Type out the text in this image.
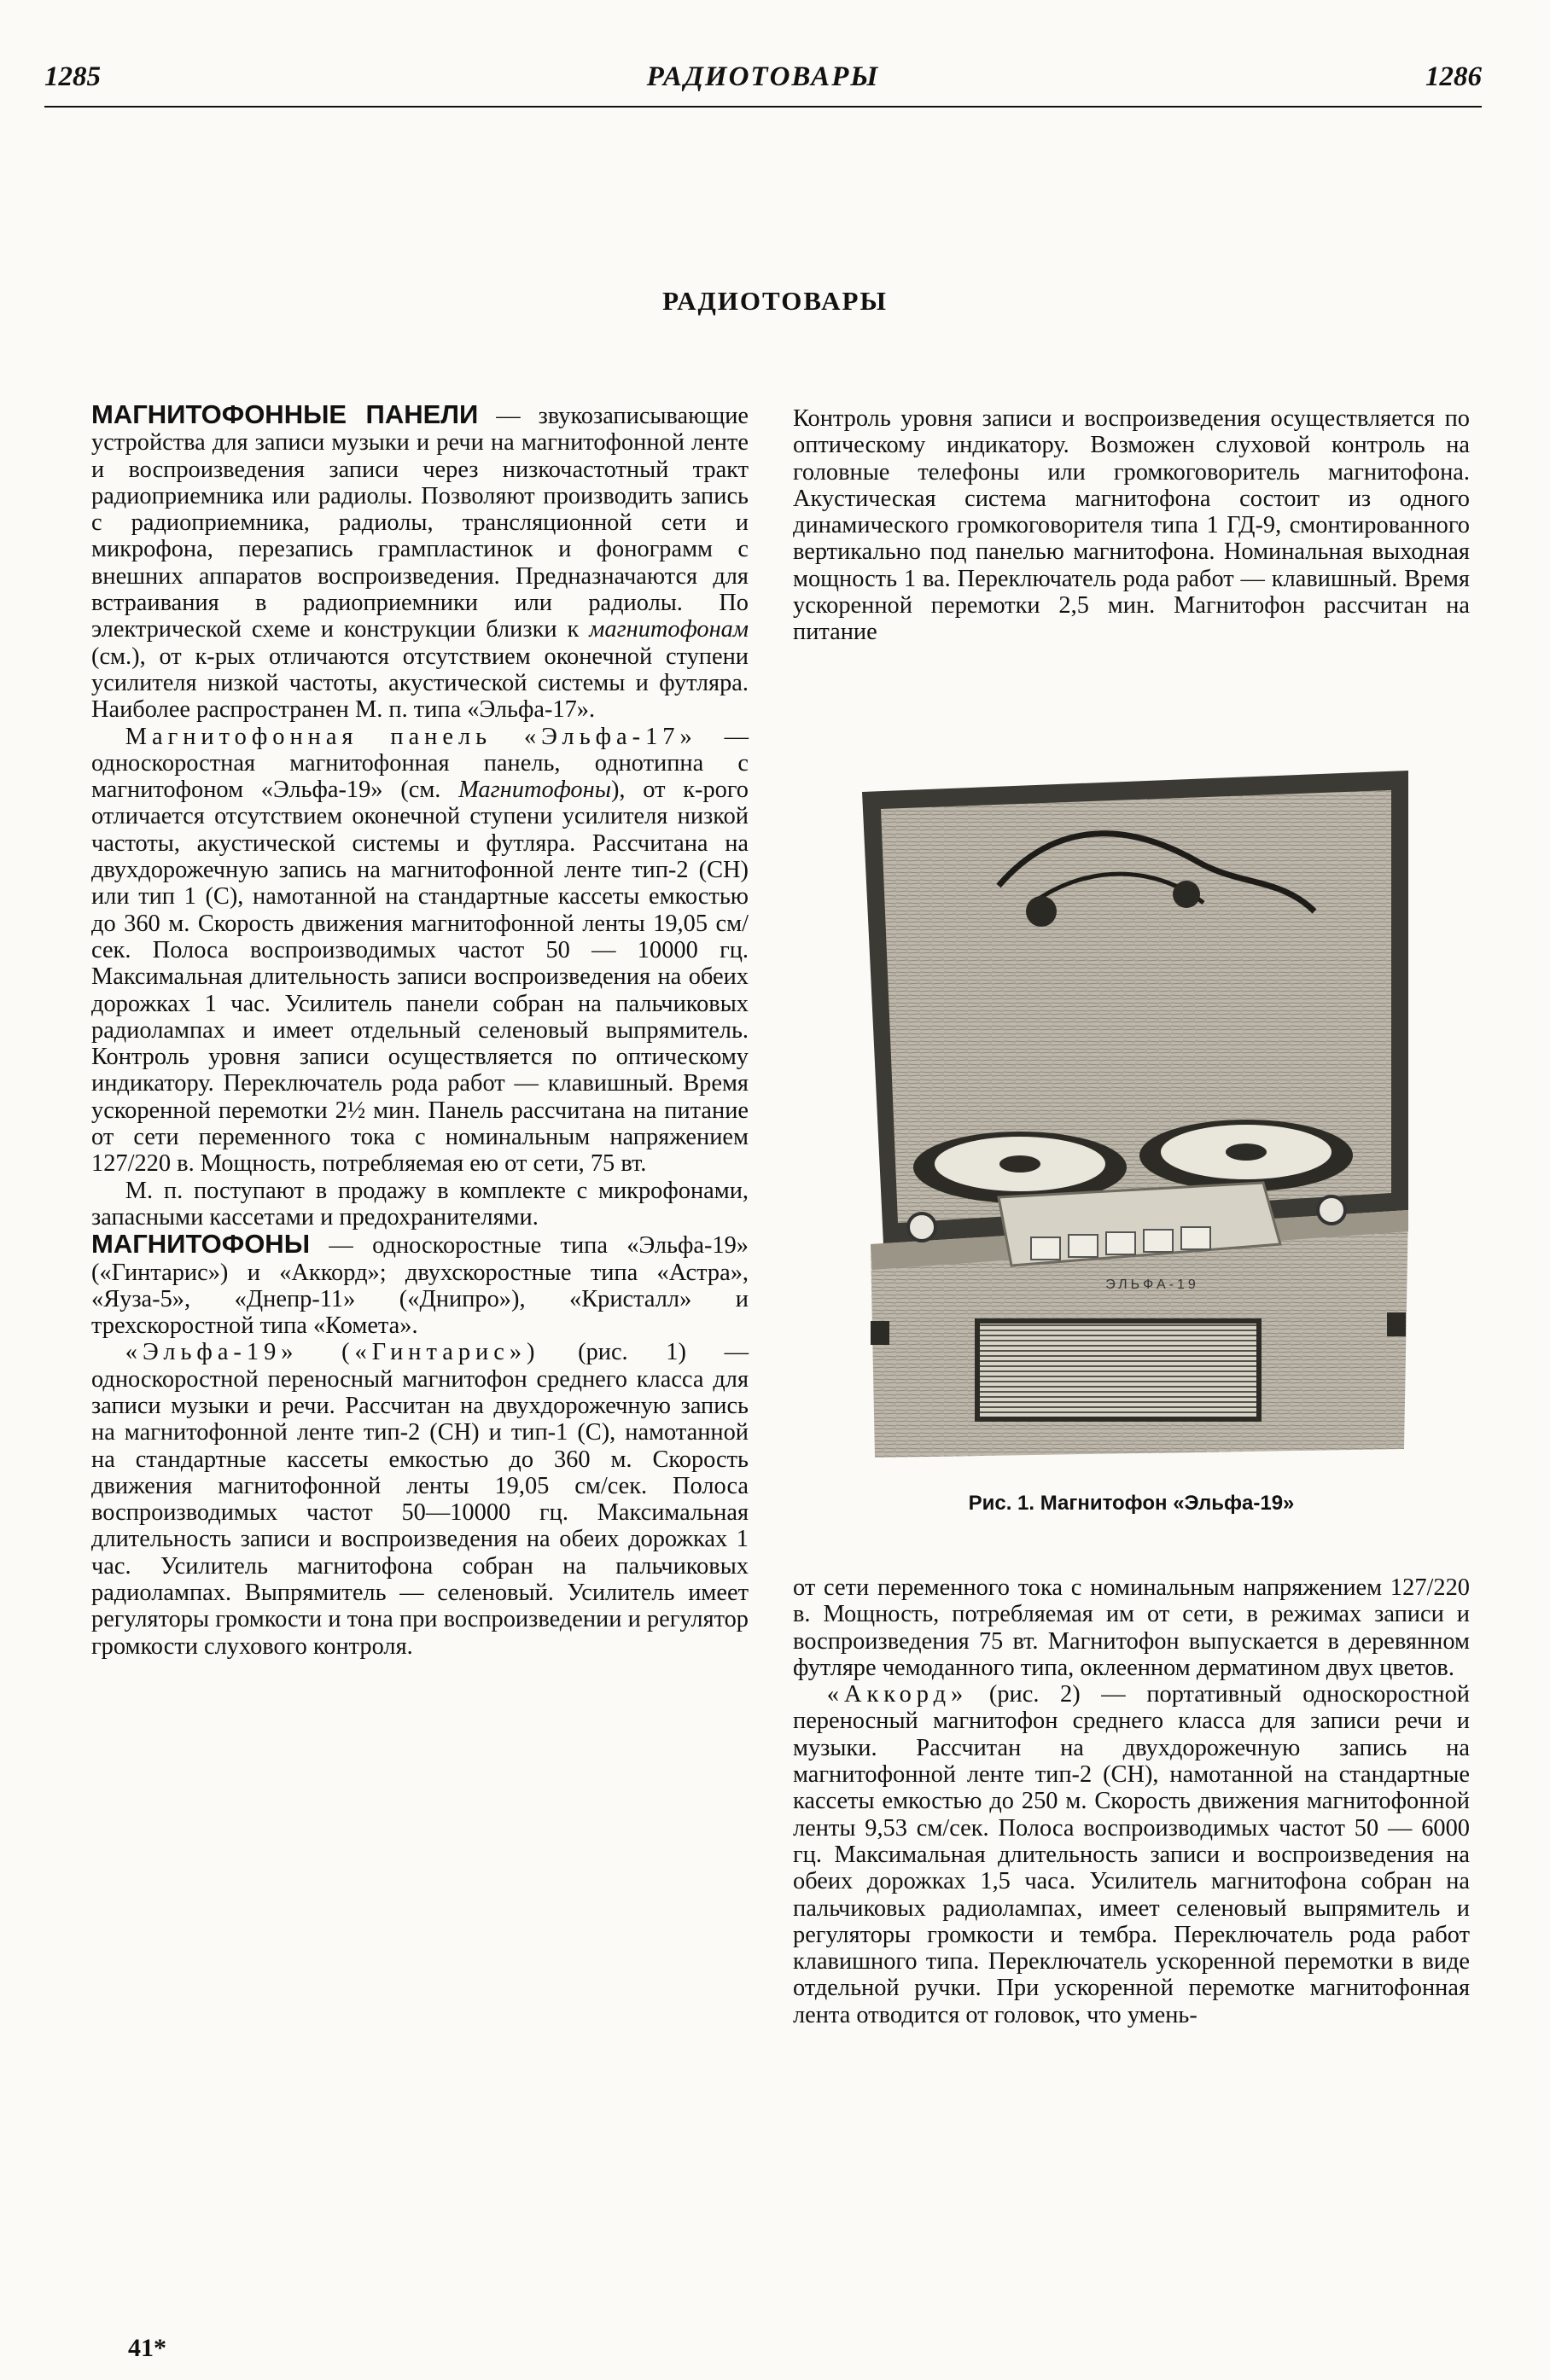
1285	РАДИОТОВАРЫ	1286
РАДИОТОВАРЫ

МАГНИТОФОННЫЕ ПАНЕЛИ — звукозаписывающие устройства для записи музыки и речи на магнитофонной ленте и воспроизведения записи через низкочастотный тракт радиоприемника или радиолы. Позволяют производить запись с радиоприемника, радиолы, трансляционной сети и микрофона, перезапись грампластинок и фонограмм с внешних аппаратов воспроизведения. Предназначаются для встраивания в радиоприемники или радиолы. По электрической схеме и конструкции близки к магнитофонам (см.), от к-рых отличаются отсутствием оконечной ступени усилителя низкой частоты, акустической системы и футляра. Наиболее распространен М. п. типа «Эльфа-17».

Магнитофонная панель «Эльфа-17» — односкоростная магнитофонная панель, однотипна с магнитофоном «Эльфа-19» (см. Магнитофоны), от к-рого отличается отсутствием оконечной ступени усилителя низкой частоты, акустической системы и футляра. Рассчитана на двухдорожечную запись на магнитофонной ленте тип-2 (СН) или тип 1 (С), намотанной на стандартные кассеты емкостью до 360 м. Скорость движения магнитофонной ленты 19,05 см/сек. Полоса воспроизводимых частот 50 — 10000 гц. Максимальная длительность записи воспроизведения на обеих дорожках 1 час. Усилитель панели собран на пальчиковых радиолампах и имеет отдельный селеновый выпрямитель. Контроль уровня записи осуществляется по оптическому индикатору. Переключатель рода работ — клавишный. Время ускоренной перемотки 2½ мин. Панель рассчитана на питание от сети переменного тока с номинальным напряжением 127/220 в. Мощность, потребляемая ею от сети, 75 вт.

М. п. поступают в продажу в комплекте с микрофонами, запасными кассетами и предохранителями.

МАГНИТОФОНЫ — односкоростные типа «Эльфа-19» («Гинтарис») и «Аккорд»; двухскоростные типа «Астра», «Яуза-5», «Днепр-11» («Днипро»), «Кристалл» и трехскоростной типа «Комета».

«Эльфа-19» («Гинтарис») (рис. 1) — односкоростной переносный магнитофон среднего класса для записи музыки и речи. Рассчитан на двухдорожечную запись на магнитофонной ленте тип-2 (СН) и тип-1 (С), намотанной на стандартные кассеты емкостью до 360 м. Скорость движения магнитофонной ленты 19,05 см/сек. Полоса воспроизводимых частот 50—10000 гц. Максимальная длительность записи и воспроизведения на обеих дорожках 1 час. Усилитель магнитофона собран на пальчиковых радиолампах. Выпрямитель — селеновый. Усилитель имеет регуляторы громкости и тона при воспроизведении и регулятор громкости слухового контроля.

Контроль уровня записи и воспроизведения осуществляется по оптическому индикатору. Возможен слуховой контроль на головные телефоны или громкоговоритель магнитофона. Акустическая система магнитофона состоит из одного динамического громкоговорителя типа 1 ГД-9, смонтированного вертикально под панелью магнитофона. Номинальная выходная мощность 1 ва. Переключатель рода работ — клавишный. Время ускоренной перемотки 2,5 мин. Магнитофон рассчитан на питание

ЭЛЬФА-19
Рис. 1. Магнитофон «Эльфа-19»

от сети переменного тока с номинальным напряжением 127/220 в. Мощность, потребляемая им от сети, в режимах записи и воспроизведения 75 вт. Магнитофон выпускается в деревянном футляре чемоданного типа, оклеенном дерматином двух цветов.

«Аккорд» (рис. 2) — портативный односкоростной переносный магнитофон среднего класса для записи речи и музыки. Рассчитан на двухдорожечную запись на магнитофонной ленте тип-2 (СН), намотанной на стандартные кассеты емкостью до 250 м. Скорость движения магнитофонной ленты 9,53 см/сек. Полоса воспроизводимых частот 50 — 6000 гц. Максимальная длительность записи и воспроизведения на обеих дорожках 1,5 часа. Усилитель магнитофона собран на пальчиковых радиолампах, имеет селеновый выпрямитель и регуляторы громкости и тембра. Переключатель рода работ клавишного типа. Переключатель ускоренной перемотки в виде отдельной ручки. При ускоренной перемотке магнитофонная лента отводится от головок, что умень-

41*
